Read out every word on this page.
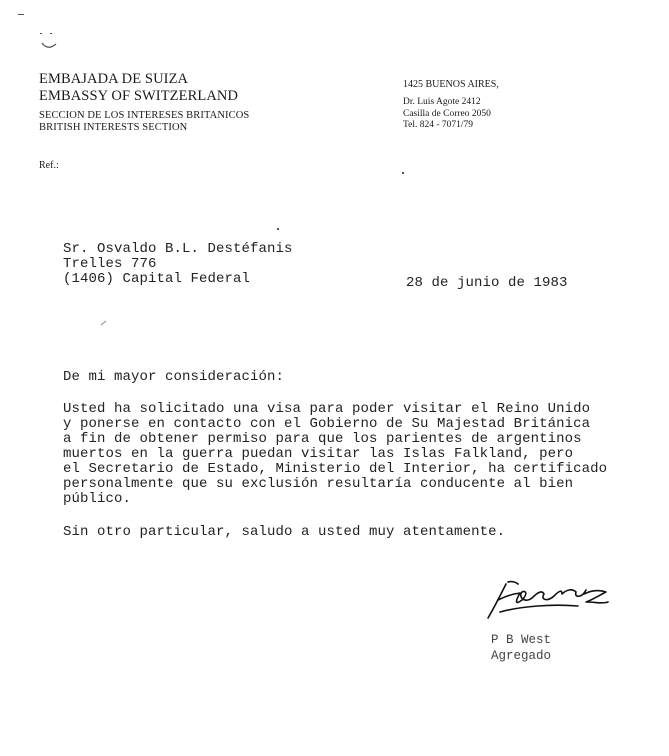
EMBAJADA DE SUIZA
EMBASSY OF SWITZERLAND
SECCION DE LOS INTERESES BRITANICOS
BRITISH INTERESTS SECTION
1425 BUENOS AIRES,
Dr. Luis Agote 2412
Casilla de Correo 2050
Tel. 824 - 7071/79
Ref.:
Sr. Osvaldo B.L. Destéfanis
Trelles 776
(1406) Capital Federal	28 de junio de 1983
De mi mayor consideración:
Usted ha solicitado una visa para poder visitar el Reino Unido
y ponerse en contacto con el Gobierno de Su Majestad Británica
a fin de obtener permiso para que los parientes de argentinos
muertos en la guerra puedan visitar las Islas Falkland, pero
el Secretario de Estado, Ministerio del Interior, ha certificado
personalmente que su exclusión resultaría conducente al bien
público.
Sin otro particular, saludo a usted muy atentamente.
P B West
Agregado
